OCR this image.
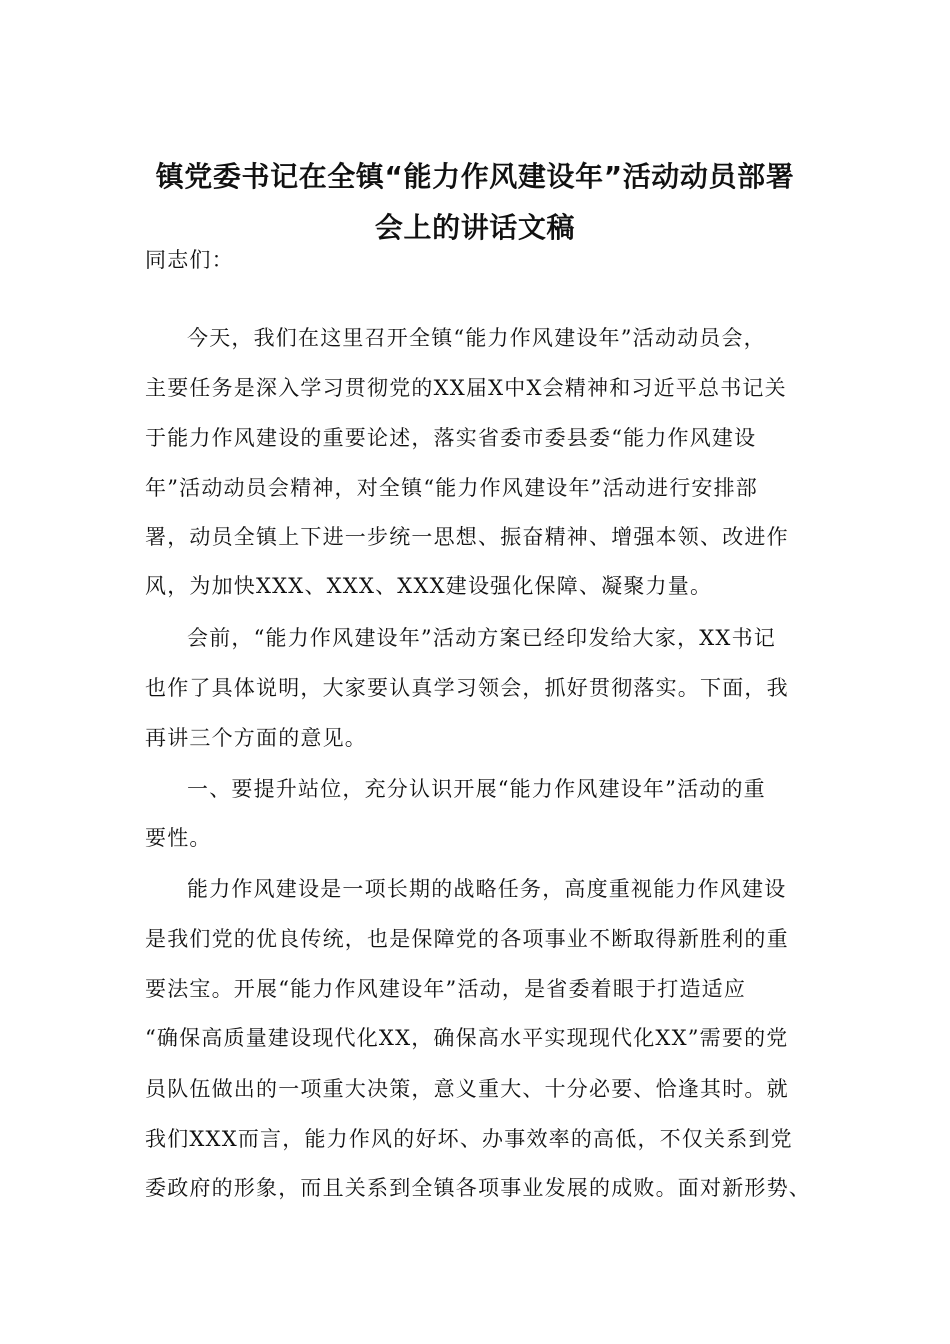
镇党委书记在全镇“能力作风建设年”活动动员部署
会上的讲话文稿
同志们：
今天，我们在这里召开全镇“能力作风建设年”活动动员会，
主要任务是深入学习贯彻党的XX届X中X会精神和习近平总书记关
于能力作风建设的重要论述，落实省委市委县委“能力作风建设
年”活动动员会精神，对全镇“能力作风建设年”活动进行安排部
署，动员全镇上下进一步统一思想、振奋精神、增强本领、改进作
风，为加快XXX、XXX、XXX建设强化保障、凝聚力量。
会前，“能力作风建设年”活动方案已经印发给大家，XX书记
也作了具体说明，大家要认真学习领会，抓好贯彻落实。下面，我
再讲三个方面的意见。
一、要提升站位，充分认识开展“能力作风建设年”活动的重
要性。
能力作风建设是一项长期的战略任务，高度重视能力作风建设
是我们党的优良传统，也是保障党的各项事业不断取得新胜利的重
要法宝。开展“能力作风建设年”活动，是省委着眼于打造适应
“确保高质量建设现代化XX，确保高水平实现现代化XX”需要的党
员队伍做出的一项重大决策，意义重大、十分必要、恰逢其时。就
我们XXX而言，能力作风的好坏、办事效率的高低，不仅关系到党
委政府的形象，而且关系到全镇各项事业发展的成败。面对新形势、
